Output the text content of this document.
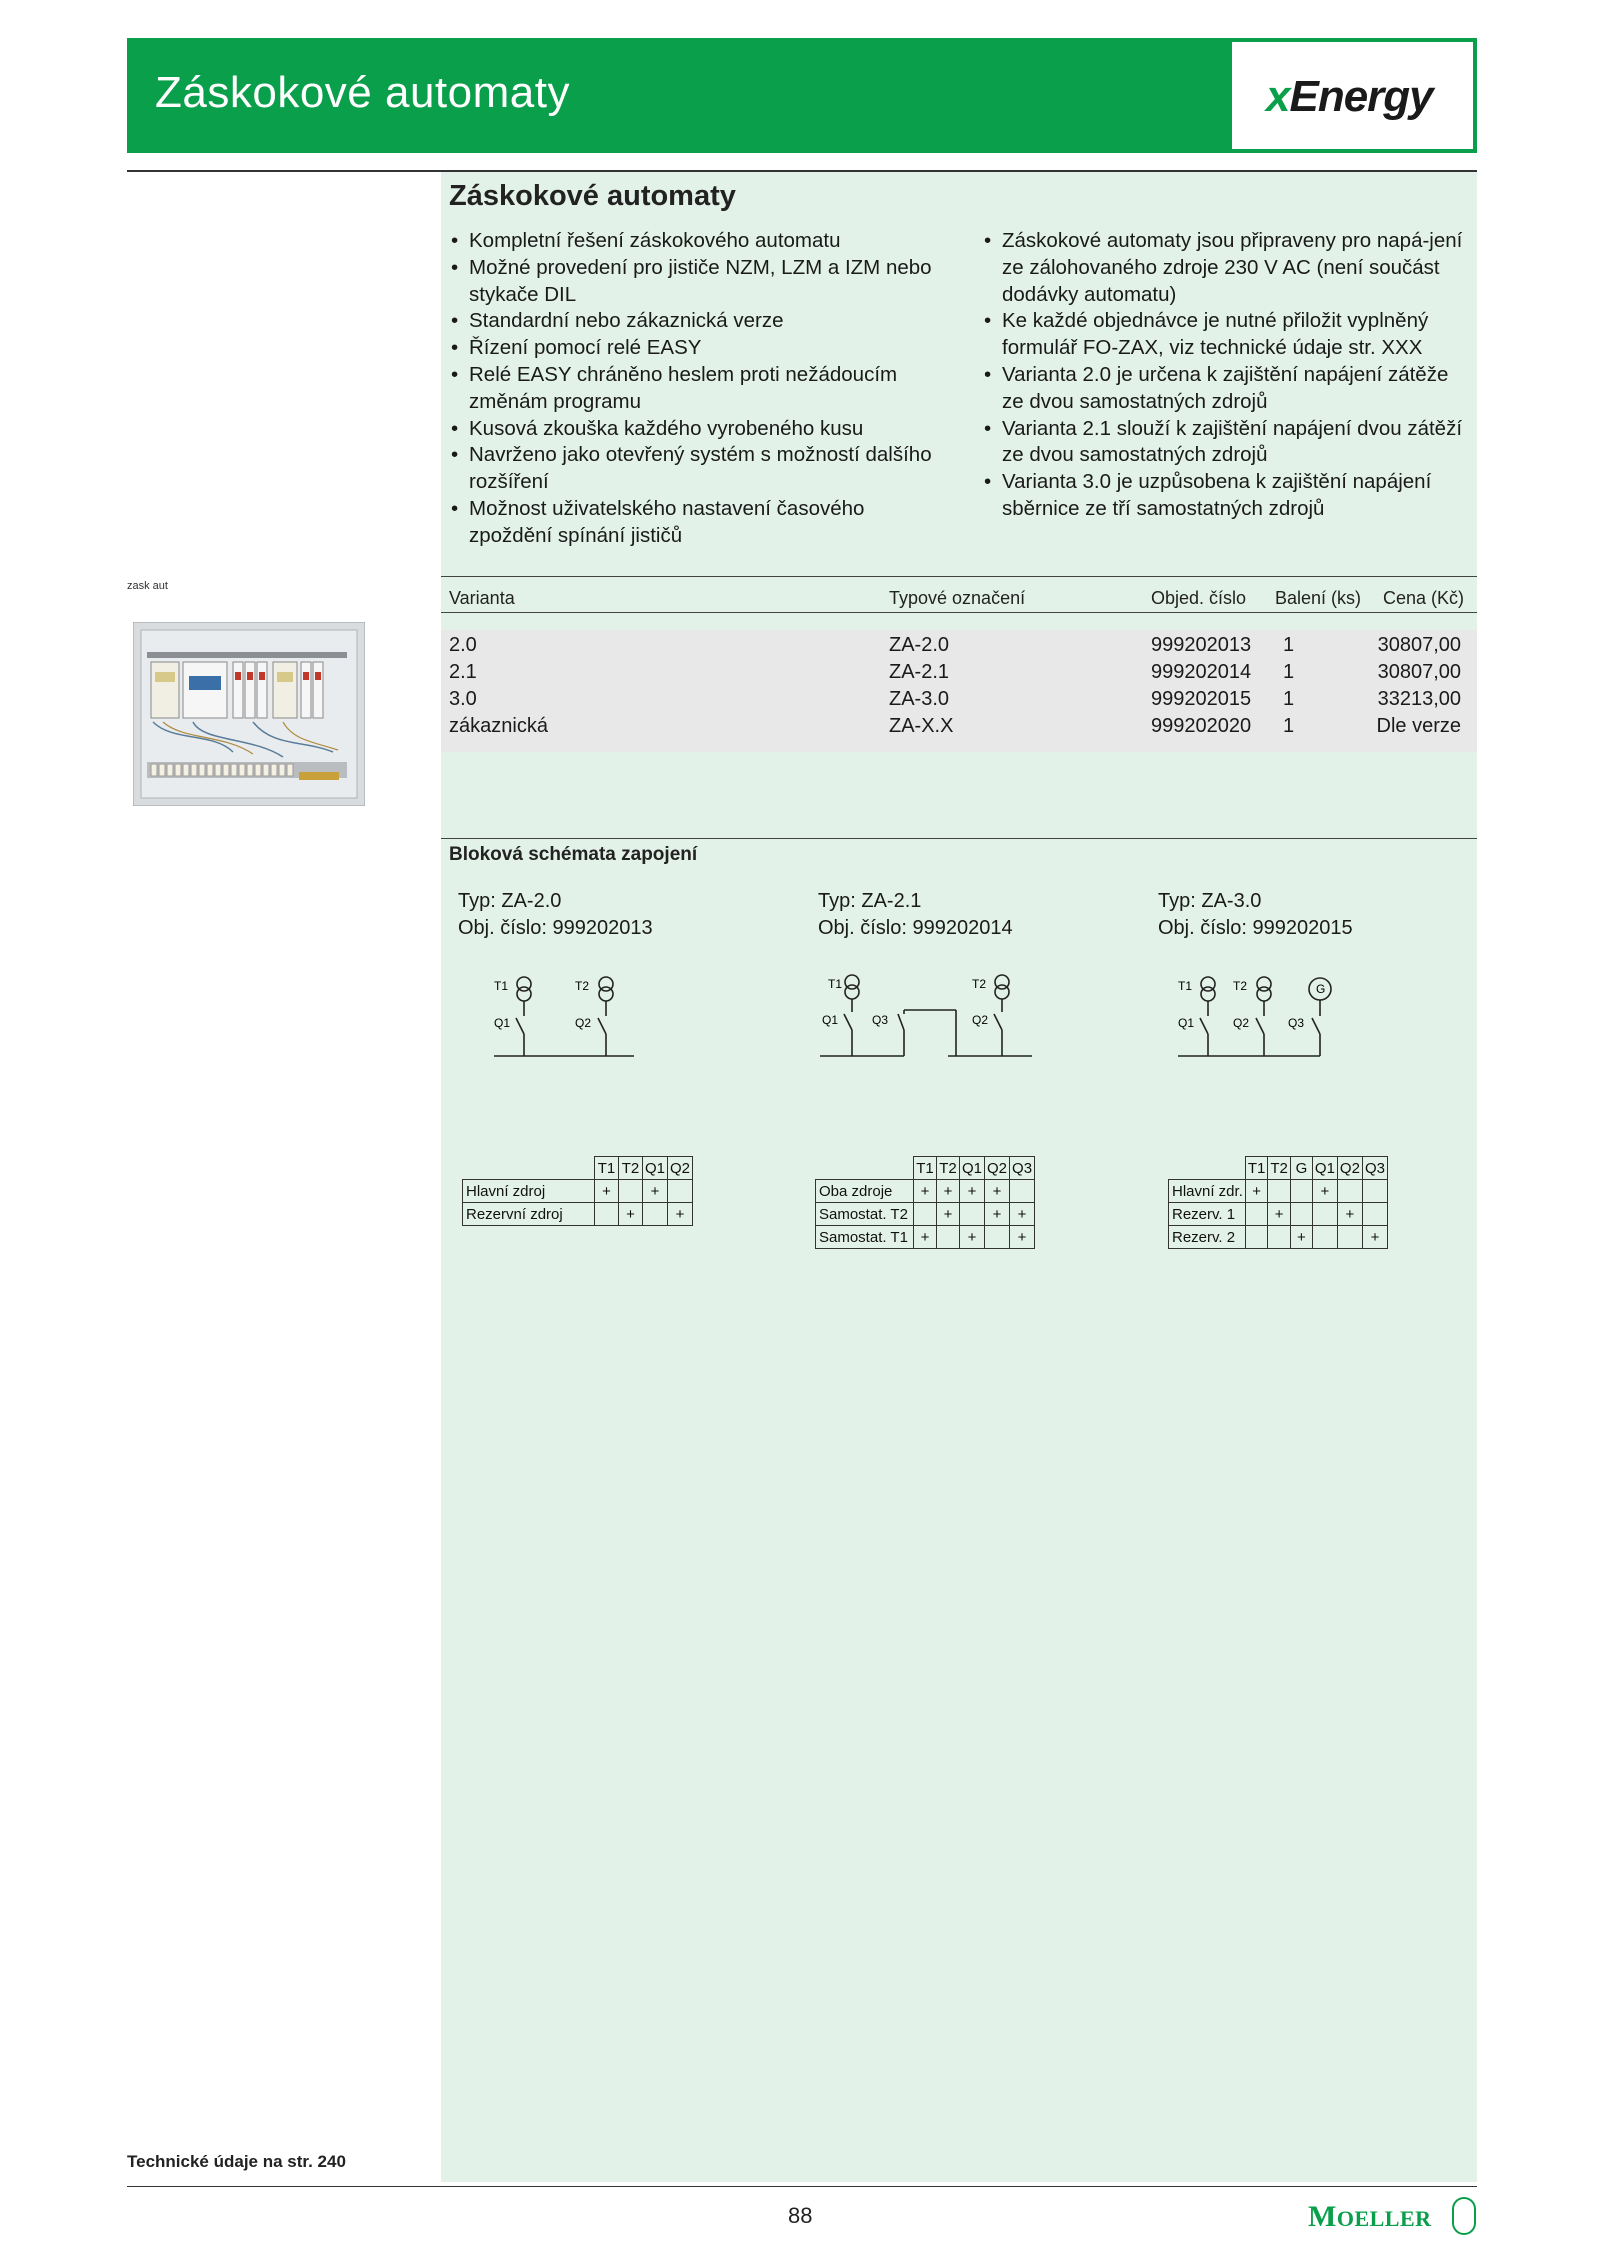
Záskokové automaty	xEnergy
zask aut
Záskokové automaty
• Kompletní řešení záskokového automatu
• Možné provedení pro jističe NZM, LZM a IZM nebo stykače DIL
• Standardní nebo zákaznická verze
• Řízení pomocí relé EASY
• Relé EASY chráněno heslem proti nežádoucím změnám programu
• Kusová zkouška každého vyrobeného kusu
• Navrženo jako otevřený systém s možností dalšího rozšíření
• Možnost uživatelského nastavení časového zpoždění spínání jističů
• Záskokové automaty jsou připraveny pro napá-jení ze zálohovaného zdroje 230 V AC (není součást dodávky automatu)
• Ke každé objednávce je nutné přiložit vyplněný formulář FO-ZAX, viz technické údaje str. XXX
• Varianta 2.0 je určena k zajištění napájení zátěže ze dvou samostatných zdrojů
• Varianta 2.1 slouží k zajištění napájení dvou zátěží ze dvou samostatných zdrojů
• Varianta 3.0 je uzpůsobena k zajištění napájení sběrnice ze tří samostatných zdrojů
Varianta	Typové označení	Objed. číslo Balení (ks) Cena (Kč)
2.0	ZA-2.0	999202013 1	30807,00
2.1	ZA-2.1	999202014 1	30807,00
3.0	ZA-3.0	999202015 1	33213,00
zákaznická	ZA-X.X	999202020 1	Dle verze
Bloková schémata zapojení
Typ: ZA-2.0
Obj. číslo: 999202013
T1	T2
Q1	Q2
Typ: ZA-2.1
Obj. číslo: 999202014
T1	T2
Q1	Q3	Q2
Typ: ZA-3.0
Obj. číslo: 999202015
G
T1	T2
Q1	Q2	Q3
	T1	T2	Q1	Q2
Hlavní zdroj	+		+	
Rezervní zdroj		+		+
	T1	T2	Q1	Q2	Q3
Oba zdroje	+	+	+	+	
Samostat. T2		+		+	+
Samostat. T1	+		+		+
	T1	T2	G	Q1	Q2	Q3
Hlavní zdr.	+			+		
Rezerv. 1		+			+	
Rezerv. 2			+			+
Technické údaje na str. 240
88	MOELLER
